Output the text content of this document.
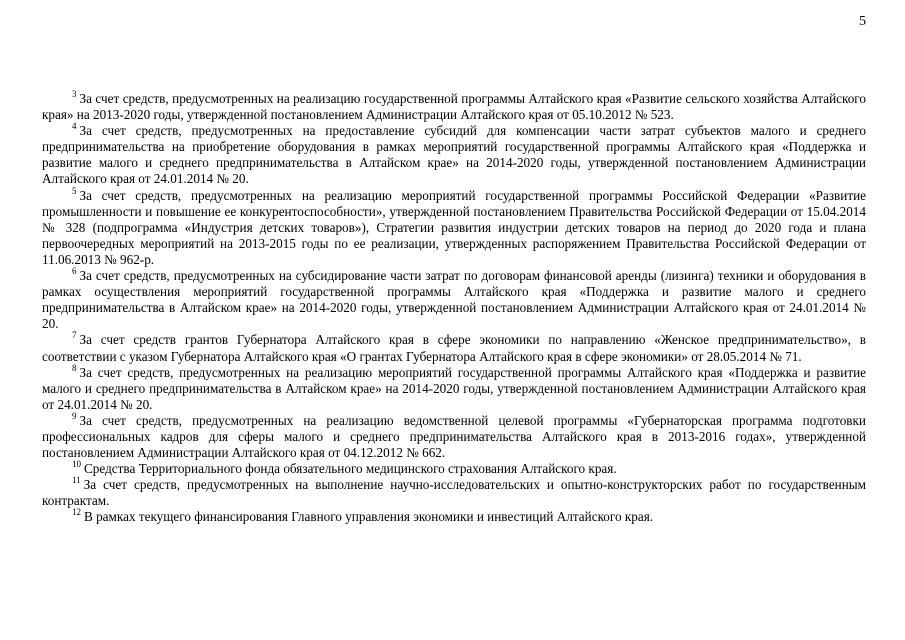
5

$^3$ За счет средств, предусмотренных на реализацию государственной программы Алтайского края «Развитие сельского хозяйства Алтайского края» на 2013-2020 годы, утвержденной постановлением Администрации Алтайского края от 05.10.2012 № 523.

$^4$ За счет средств, предусмотренных на предоставление субсидий для компенсации части затрат субъектов малого и среднего предпринимательства на приобретение оборудования в рамках мероприятий государственной программы Алтайского края «Поддержка и развитие малого и среднего предпринимательства в Алтайском крае» на 2014-2020 годы, утвержденной постановлением Администрации Алтайского края от 24.01.2014 № 20.

$^5$ За счет средств, предусмотренных на реализацию мероприятий государственной программы Российской Федерации «Развитие промышленности и повышение ее конкурентоспособности», утвержденной постановлением Правительства Российской Федерации от 15.04.2014 № 328 (подпрограмма «Индустрия детских товаров»), Стратегии развития индустрии детских товаров на период до 2020 года и плана первоочередных мероприятий на 2013-2015 годы по ее реализации, утвержденных распоряжением Правительства Российской Федерации от 11.06.2013 № 962-р.

$^6$ За счет средств, предусмотренных на субсидирование части затрат по договорам финансовой аренды (лизинга) техники и оборудования в рамках осуществления мероприятий государственной программы Алтайского края «Поддержка и развитие малого и среднего предпринимательства в Алтайском крае» на 2014-2020 годы, утвержденной постановлением Администрации Алтайского края от 24.01.2014 № 20.

$^7$ За счет средств грантов Губернатора Алтайского края в сфере экономики по направлению «Женское предпринимательство», в соответствии с указом Губернатора Алтайского края «О грантах Губернатора Алтайского края в сфере экономики» от 28.05.2014 № 71.

$^8$ За счет средств, предусмотренных на реализацию мероприятий государственной программы Алтайского края «Поддержка и развитие малого и среднего предпринимательства в Алтайском крае» на 2014-2020 годы, утвержденной постановлением Администрации Алтайского края от 24.01.2014 № 20.

$^9$ За счет средств, предусмотренных на реализацию ведомственной целевой программы «Губернаторская программа подготовки профессиональных кадров для сферы малого и среднего предпринимательства Алтайского края в 2013-2016 годах», утвержденной постановлением Администрации Алтайского края от 04.12.2012 № 662.

$^{10}$ Средства Территориального фонда обязательного медицинского страхования Алтайского края.

$^{11}$ За счет средств, предусмотренных на выполнение научно-исследовательских и опытно-конструкторских работ по государственным контрактам.

$^{12}$ В рамках текущего финансирования Главного управления экономики и инвестиций Алтайского края.
